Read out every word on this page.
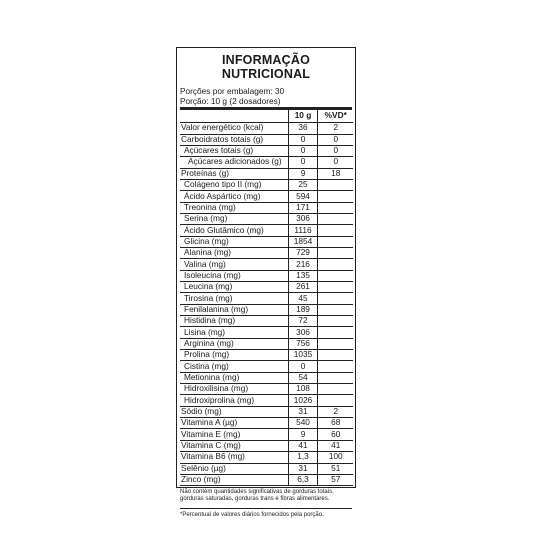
INFORMAÇÃO NUTRICIONAL
Porções por embalagem: 30
Porção: 10 g (2 dosadores)
	10 g	%VD*
Valor energético (kcal)	36	2
Carboidratos totais (g)	0	0
Açúcares totais (g)	0	0
Açúcares adicionados (g)	0	0
Proteínas (g)	9	18
Colágeno tipo II (mg)	25	
Ácido Aspártico (mg)	594	
Treonina (mg)	171	
Serina (mg)	306	
Ácido Glutâmico (mg)	1116	
Glicina (mg)	1854	
Alanina (mg)	729	
Valina (mg)	216	
Isoleucina (mg)	135	
Leucina (mg)	261	
Tirosina (mg)	45	
Fenilalanina (mg)	189	
Histidina (mg)	72	
Lisina (mg)	306	
Arginina (mg)	756	
Prolina (mg)	1035	
Cistina (mg)	0	
Metionina (mg)	54	
Hidroxilisina (mg)	108	
Hidroxiprolina (mg)	1026	
Sódio (mg)	31	2
Vitamina A (µg)	540	68
Vitamina E (mg)	9	60
Vitamina C (mg)	41	41
Vitamina B6 (mg)	1,3	100
Selênio (µg)	31	51
Zinco (mg)	6,3	57
Não contém quantidades significativas de gorduras totais, gorduras saturadas, gorduras trans e fibras alimentares.
*Percentual de valores diários fornecidos pela porção.
